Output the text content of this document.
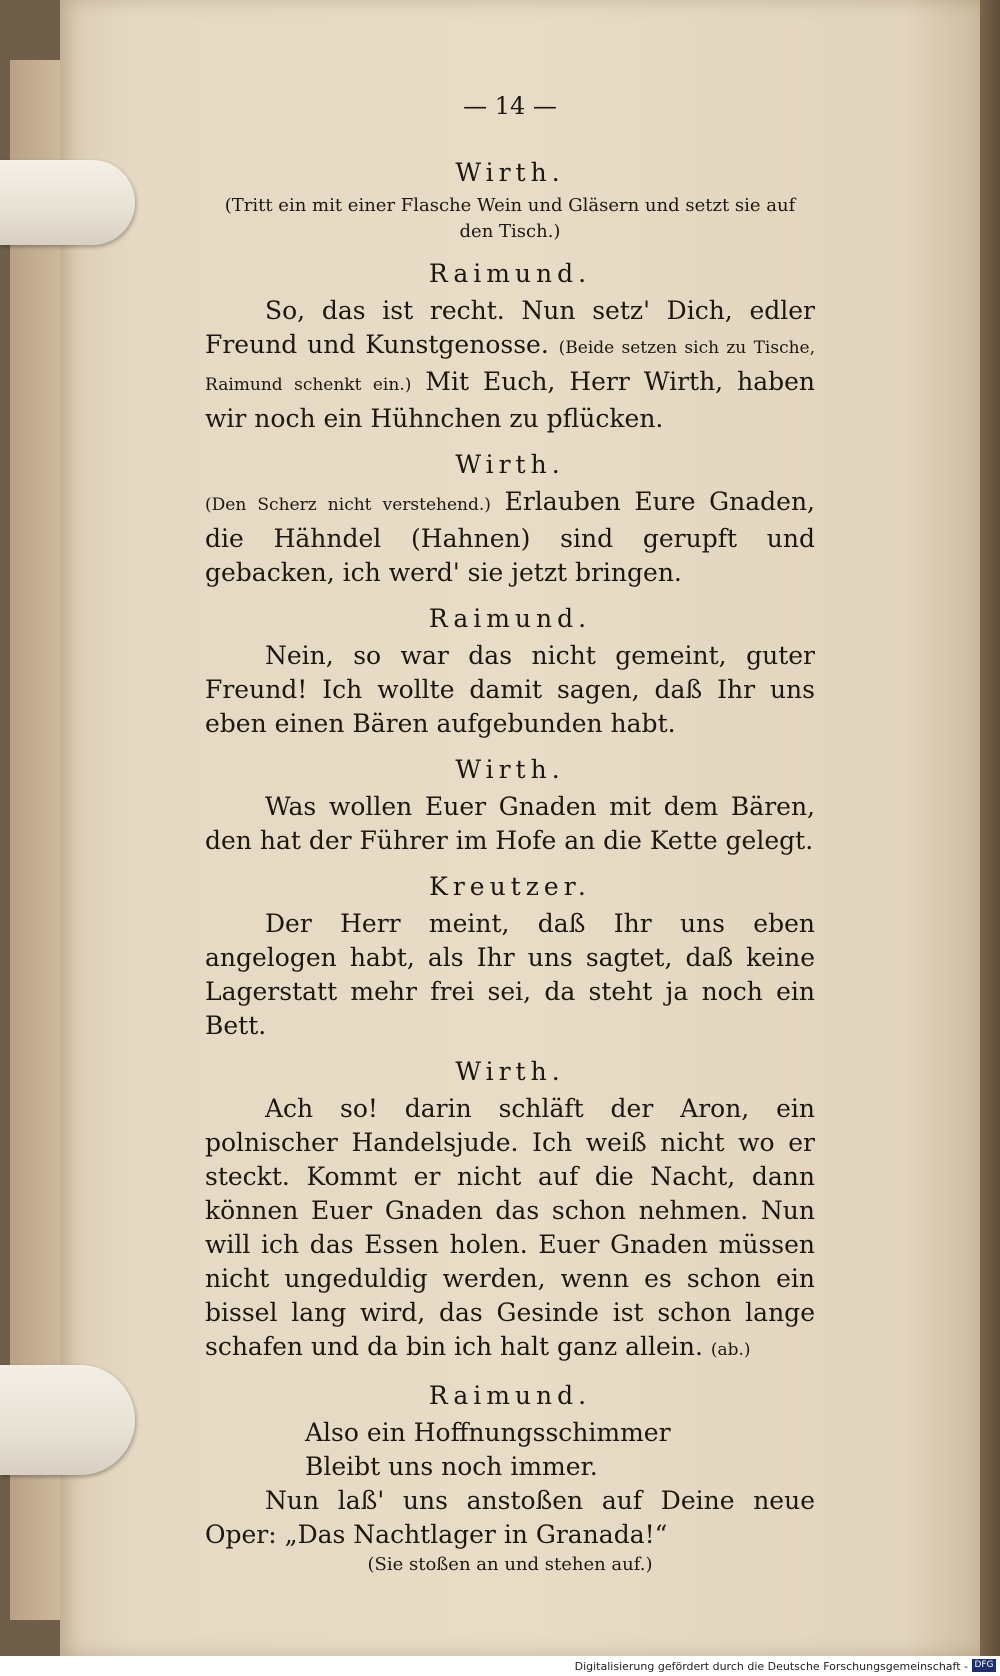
— 14 —
Wirth.
(Tritt ein mit einer Flasche Wein und Gläsern und setzt sie auf den Tisch.)
Raimund.
So, das ist recht. Nun setz' Dich, edler Freund und Kunstgenosse. (Beide setzen sich zu Tische, Raimund schenkt ein.) Mit Euch, Herr Wirth, haben wir noch ein Hühnchen zu pflücken.
Wirth.
(Den Scherz nicht verstehend.) Erlauben Eure Gnaden, die Hähndel (Hahnen) sind gerupft und gebacken, ich werd' sie jetzt bringen.
Raimund.
Nein, so war das nicht gemeint, guter Freund! Ich wollte damit sagen, daß Ihr uns eben einen Bären aufgebunden habt.
Wirth.
Was wollen Euer Gnaden mit dem Bären, den hat der Führer im Hofe an die Kette gelegt.
Kreutzer.
Der Herr meint, daß Ihr uns eben angelogen habt, als Ihr uns sagtet, daß keine Lagerstatt mehr frei sei, da steht ja noch ein Bett.
Wirth.
Ach so! darin schläft der Aron, ein polnischer Handelsjude. Ich weiß nicht wo er steckt. Kommt er nicht auf die Nacht, dann können Euer Gnaden das schon nehmen. Nun will ich das Essen holen. Euer Gnaden müssen nicht ungeduldig werden, wenn es schon ein bissel lang wird, das Gesinde ist schon lange schafen und da bin ich halt ganz allein. (ab.)
Raimund.
Also ein Hoffnungsschimmer
Bleibt uns noch immer.
Nun laß' uns anstoßen auf Deine neue Oper: „Das Nachtlager in Granada!“
(Sie stoßen an und stehen auf.)
Digitalisierung gefördert durch die Deutsche Forschungsgemeinschaft - DFG
